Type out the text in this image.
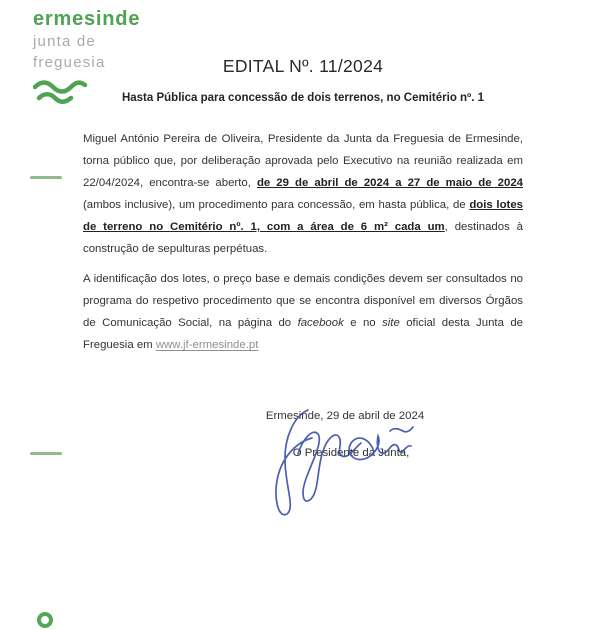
ermesinde
junta de
freguesia	EDITAL Nº. 11/2024
Hasta Pública para concessão de dois terrenos, no Cemitério nº. 1

Miguel António Pereira de Oliveira, Presidente da Junta da Freguesia de Ermesinde, torna público que, por deliberação aprovada pelo Executivo na reunião realizada em 22/04/2024, encontra-se aberto, de 29 de abril de 2024 a 27 de maio de 2024 (ambos inclusive), um procedimento para concessão, em hasta pública, de dois lotes de terreno no Cemitério nº. 1, com a área de 6 m² cada um, destinados à construção de sepulturas perpétuas.

A identificação dos lotes, o preço base e demais condições devem ser consultados no programa do respetivo procedimento que se encontra disponível em diversos Órgãos de Comunicação Social, na página do facebook e no site oficial desta Junta de Freguesia em www.jf-ermesinde.pt

Ermesinde, 29 de abril de 2024
O Presidente da Junta,
